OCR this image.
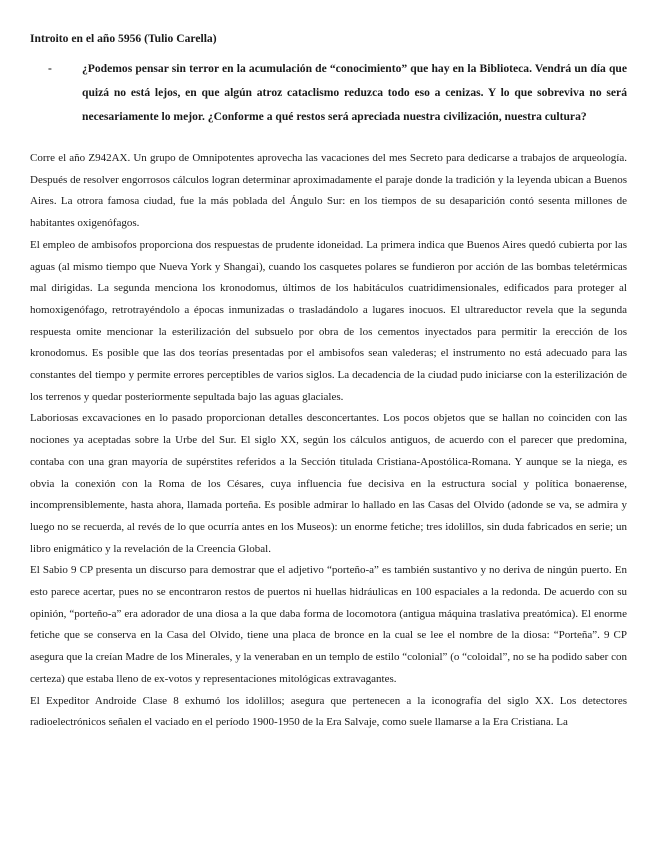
Introito en el año 5956 (Tulio Carella)
-	¿Podemos pensar sin terror en la acumulación de “conocimiento” que hay en la Biblioteca. Vendrá un día que quizá no está lejos, en que algún atroz cataclismo reduzca todo eso a cenizas. Y lo que sobreviva no será necesariamente lo mejor. ¿Conforme a qué restos será apreciada nuestra civilización, nuestra cultura?

Corre el año Z942AX. Un grupo de Omnipotentes aprovecha las vacaciones del mes Secreto para dedicarse a trabajos de arqueología. Después de resolver engorrosos cálculos logran determinar aproximadamente el paraje donde la tradición y la leyenda ubican a Buenos Aires. La otrora famosa ciudad, fue la más poblada del Ángulo Sur: en los tiempos de su desaparición contó sesenta millones de habitantes oxigenófagos.

El empleo de ambisofos proporciona dos respuestas de prudente idoneidad. La primera indica que Buenos Aires quedó cubierta por las aguas (al mismo tiempo que Nueva York y Shangai), cuando los casquetes polares se fundieron por acción de las bombas teletérmicas mal dirigidas. La segunda menciona los kronodomus, últimos de los habitáculos cuatridimensionales, edificados para proteger al homoxigenófago, retrotrayéndolo a épocas inmunizadas o trasladándolo a lugares inocuos. El ultrareductor revela que la segunda respuesta omite mencionar la esterilización del subsuelo por obra de los cementos inyectados para permitir la erección de los kronodomus. Es posible que las dos teorías presentadas por el ambisofos sean valederas; el instrumento no está adecuado para las constantes del tiempo y permite errores perceptibles de varios siglos. La decadencia de la ciudad pudo iniciarse con la esterilización de los terrenos y quedar posteriormente sepultada bajo las aguas glaciales.

Laboriosas excavaciones en lo pasado proporcionan detalles desconcertantes. Los pocos objetos que se hallan no coinciden con las nociones ya aceptadas sobre la Urbe del Sur. El siglo XX, según los cálculos antiguos, de acuerdo con el parecer que predomina, contaba con una gran mayoría de supérstites referidos a la Sección titulada Cristiana-Apostólica-Romana. Y aunque se la niega, es obvia la conexión con la Roma de los Césares, cuya influencia fue decisiva en la estructura social y política bonaerense, incomprensiblemente, hasta ahora, llamada porteña. Es posible admirar lo hallado en las Casas del Olvido (adonde se va, se admira y luego no se recuerda, al revés de lo que ocurría antes en los Museos): un enorme fetiche; tres idolillos, sin duda fabricados en serie; un libro enigmático y la revelación de la Creencia Global.

El Sabio 9 CP presenta un discurso para demostrar que el adjetivo “porteño-a” es también sustantivo y no deriva de ningún puerto. En esto parece acertar, pues no se encontraron restos de puertos ni huellas hidráulicas en 100 espaciales a la redonda. De acuerdo con su opinión, “porteño-a” era adorador de una diosa a la que daba forma de locomotora (antigua máquina traslativa preatómica). El enorme fetiche que se conserva en la Casa del Olvido, tiene una placa de bronce en la cual se lee el nombre de la diosa: “Porteña”. 9 CP asegura que la creían Madre de los Minerales, y la veneraban en un templo de estilo “colonial” (o “coloidal”, no se ha podido saber con certeza) que estaba lleno de ex-votos y representaciones mitológicas extravagantes.

El Expeditor Androide Clase 8 exhumó los idolillos; asegura que pertenecen a la iconografía del siglo XX. Los detectores radioelectrónicos señalen el vaciado en el período 1900-1950 de la Era Salvaje, como suele llamarse a la Era Cristiana. La
